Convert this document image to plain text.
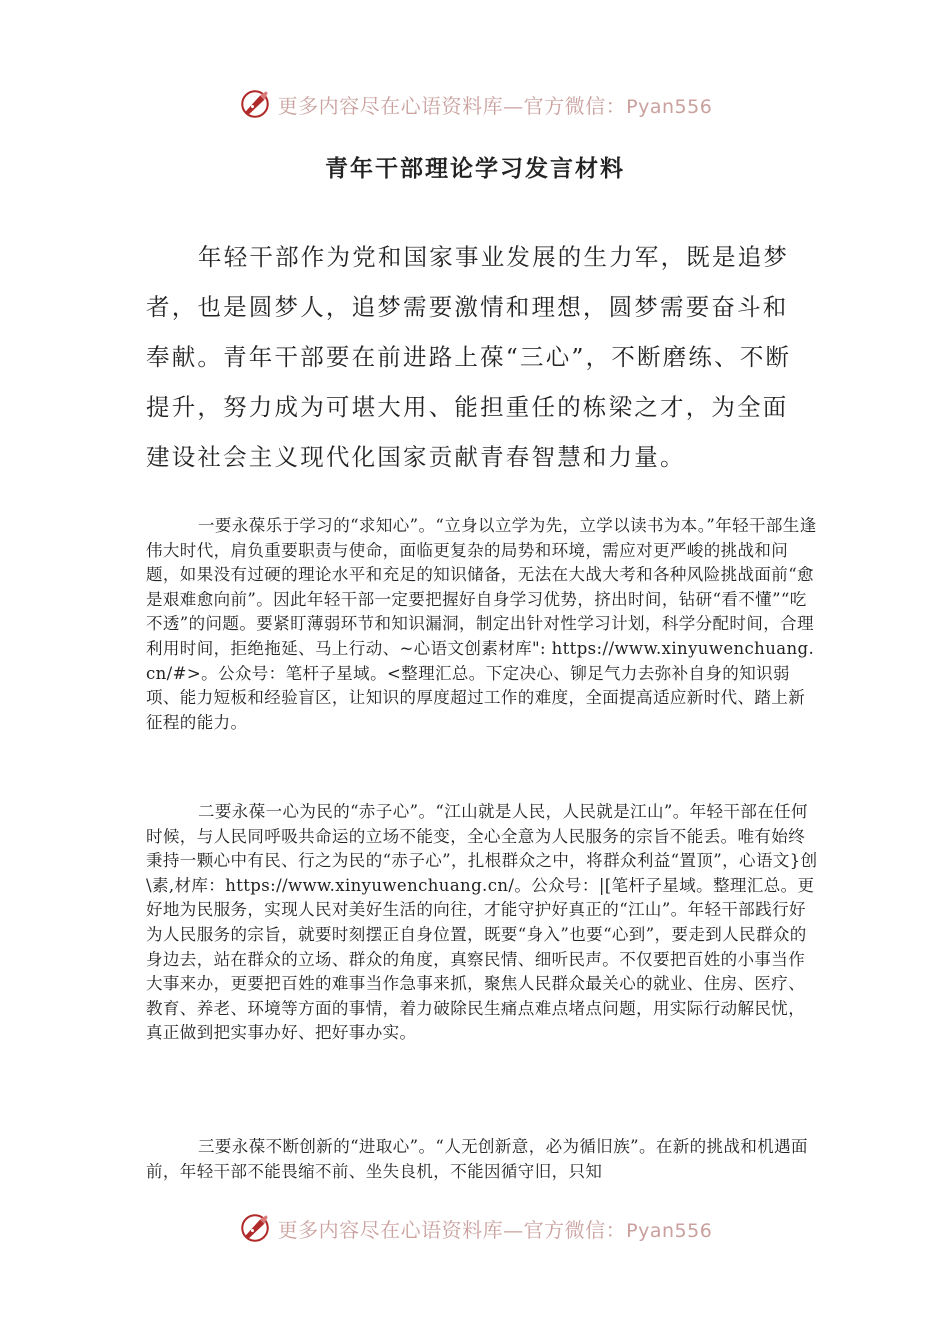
更多内容尽在心语资料库—官方微信：Pyan556
青年干部理论学习发言材料

年轻干部作为党和国家事业发展的生力军，既是追梦者，也是圆梦人，追梦需要激情和理想，圆梦需要奋斗和奉献。青年干部要在前进路上葆“三心”，不断磨练、不断提升，努力成为可堪大用、能担重任的栋梁之才，为全面建设社会主义现代化国家贡献青春智慧和力量。

一要永葆乐于学习的“求知心”。“立身以立学为先，立学以读书为本。”年轻干部生逢伟大时代，肩负重要职责与使命，面临更复杂的局势和环境，需应对更严峻的挑战和问题，如果没有过硬的理论水平和充足的知识储备，无法在大战大考和各种风险挑战面前“愈是艰难愈向前”。因此年轻干部一定要把握好自身学习优势，挤出时间，钻研“看不懂”“吃不透”的问题。要紧盯薄弱环节和知识漏洞，制定出针对性学习计划，科学分配时间，合理利用时间，拒绝拖延、马上行动、~心语文创素材库": https://www.xinyuwenchuang.cn/#>。公众号：笔杆子星域。<整理汇总。下定决心、铆足气力去弥补自身的知识弱项、能力短板和经验盲区，让知识的厚度超过工作的难度，全面提高适应新时代、踏上新征程的能力。

二要永葆一心为民的“赤子心”。“江山就是人民，人民就是江山”。年轻干部在任何时候，与人民同呼吸共命运的立场不能变，全心全意为人民服务的宗旨不能丢。唯有始终秉持一颗心中有民、行之为民的“赤子心”，扎根群众之中，将群众利益“置顶”，心语文}创\素,材库：https://www.xinyuwenchuang.cn/。公众号：|[笔杆子星域。整理汇总。更好地为民服务，实现人民对美好生活的向往，才能守护好真正的“江山”。年轻干部践行好为人民服务的宗旨，就要时刻摆正自身位置，既要“身入”也要“心到”，要走到人民群众的身边去，站在群众的立场、群众的角度，真察民情、细听民声。不仅要把百姓的小事当作大事来办，更要把百姓的难事当作急事来抓，聚焦人民群众最关心的就业、住房、医疗、教育、养老、环境等方面的事情，着力破除民生痛点难点堵点问题，用实际行动解民忧，真正做到把实事办好、把好事办实。

三要永葆不断创新的“进取心”。“人无创新意，必为循旧族”。在新的挑战和机遇面前，年轻干部不能畏缩不前、坐失良机，不能因循守旧，只知

更多内容尽在心语资料库—官方微信：Pyan556
